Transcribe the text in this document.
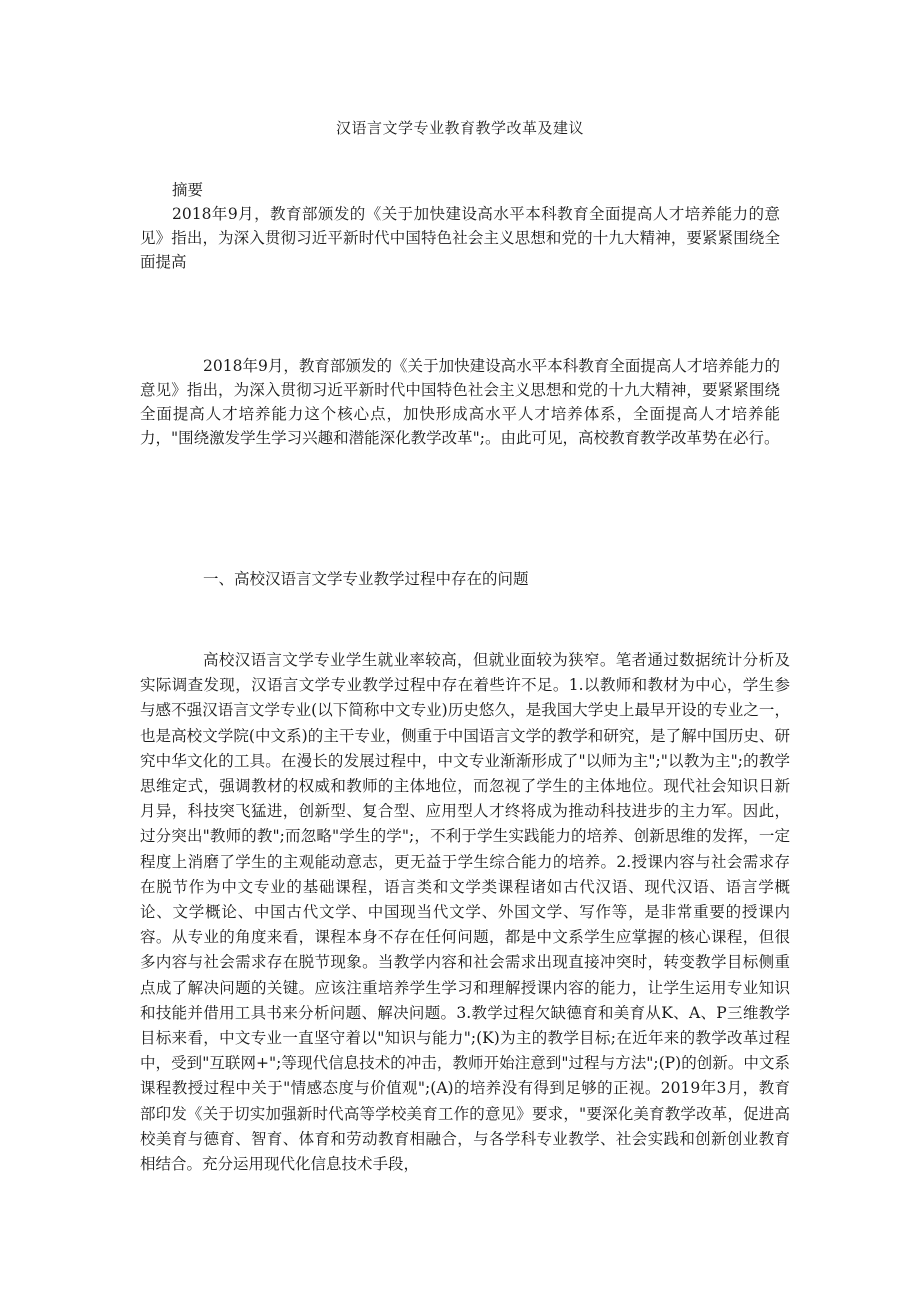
汉语言文学专业教育教学改革及建议
摘要

2018年9月，教育部颁发的《关于加快建设高水平本科教育全面提高人才培养能力的意见》指出，为深入贯彻习近平新时代中国特色社会主义思想和党的十九大精神，要紧紧围绕全面提高

2018年9月，教育部颁发的《关于加快建设高水平本科教育全面提高人才培养能力的意见》指出，为深入贯彻习近平新时代中国特色社会主义思想和党的十九大精神，要紧紧围绕全面提高人才培养能力这个核心点，加快形成高水平人才培养体系，全面提高人才培养能力，"围绕激发学生学习兴趣和潜能深化教学改革";。由此可见，高校教育教学改革势在必行。

一、高校汉语言文学专业教学过程中存在的问题

高校汉语言文学专业学生就业率较高，但就业面较为狭窄。笔者通过数据统计分析及实际调查发现，汉语言文学专业教学过程中存在着些许不足。1.以教师和教材为中心，学生参与感不强汉语言文学专业(以下简称中文专业)历史悠久，是我国大学史上最早开设的专业之一，也是高校文学院(中文系)的主干专业，侧重于中国语言文学的教学和研究，是了解中国历史、研究中华文化的工具。在漫长的发展过程中，中文专业渐渐形成了"以师为主";"以教为主";的教学思维定式，强调教材的权威和教师的主体地位，而忽视了学生的主体地位。现代社会知识日新月异，科技突飞猛进，创新型、复合型、应用型人才终将成为推动科技进步的主力军。因此，过分突出"教师的教";而忽略"学生的学";，不利于学生实践能力的培养、创新思维的发挥，一定程度上消磨了学生的主观能动意志，更无益于学生综合能力的培养。2.授课内容与社会需求存在脱节作为中文专业的基础课程，语言类和文学类课程诸如古代汉语、现代汉语、语言学概论、文学概论、中国古代文学、中国现当代文学、外国文学、写作等，是非常重要的授课内容。从专业的角度来看，课程本身不存在任何问题，都是中文系学生应掌握的核心课程，但很多内容与社会需求存在脱节现象。当教学内容和社会需求出现直接冲突时，转变教学目标侧重点成了解决问题的关键。应该注重培养学生学习和理解授课内容的能力，让学生运用专业知识和技能并借用工具书来分析问题、解决问题。3.教学过程欠缺德育和美育从K、A、P三维教学目标来看，中文专业一直坚守着以"知识与能力";(K)为主的教学目标;在近年来的教学改革过程中，受到"互联网+";等现代信息技术的冲击，教师开始注意到"过程与方法";(P)的创新。中文系课程教授过程中关于"情感态度与价值观";(A)的培养没有得到足够的正视。2019年3月，教育部印发《关于切实加强新时代高等学校美育工作的意见》要求，"要深化美育教学改革，促进高校美育与德育、智育、体育和劳动教育相融合，与各学科专业教学、社会实践和创新创业教育相结合。充分运用现代化信息技术手段，
